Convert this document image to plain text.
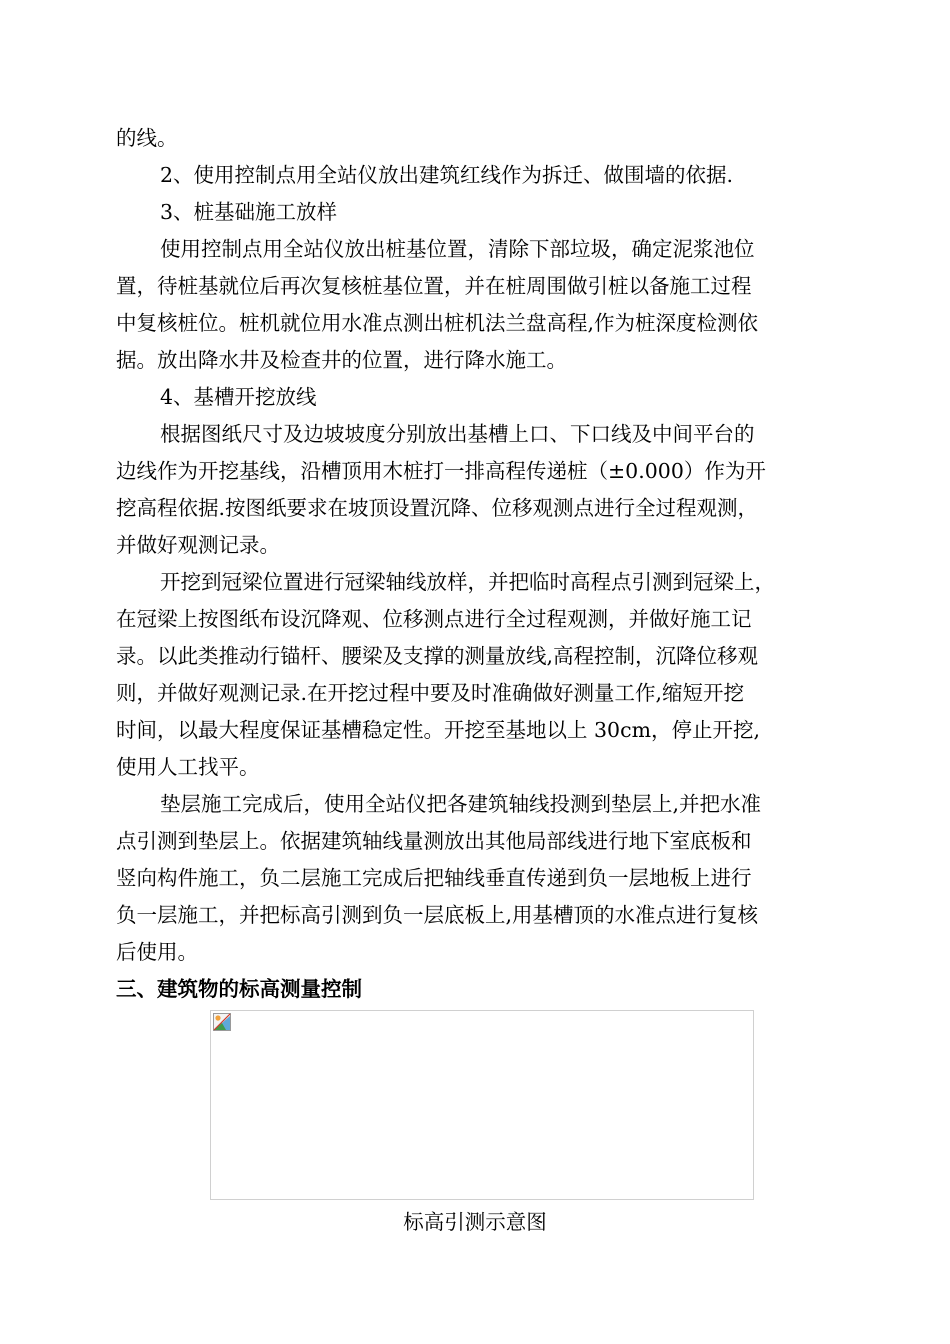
的线。
2、使用控制点用全站仪放出建筑红线作为拆迁、做围墙的依据.
3、桩基础施工放样
使用控制点用全站仪放出桩基位置，清除下部垃圾，确定泥浆池位
置，待桩基就位后再次复核桩基位置，并在桩周围做引桩以备施工过程
中复核桩位。桩机就位用水准点测出桩机法兰盘高程,作为桩深度检测依
据。放出降水井及检查井的位置，进行降水施工。
4、基槽开挖放线
根据图纸尺寸及边坡坡度分别放出基槽上口、下口线及中间平台的
边线作为开挖基线，沿槽顶用木桩打一排高程传递桩（±0.000）作为开
挖高程依据.按图纸要求在坡顶设置沉降、位移观测点进行全过程观测，
并做好观测记录。
开挖到冠梁位置进行冠梁轴线放样，并把临时高程点引测到冠梁上，
在冠梁上按图纸布设沉降观、位移测点进行全过程观测，并做好施工记
录。以此类推动行锚杆、腰梁及支撑的测量放线,高程控制，沉降位移观
则，并做好观测记录.在开挖过程中要及时准确做好测量工作,缩短开挖
时间，以最大程度保证基槽稳定性。开挖至基地以上 30cm，停止开挖,
使用人工找平。
垫层施工完成后，使用全站仪把各建筑轴线投测到垫层上,并把水准
点引测到垫层上。依据建筑轴线量测放出其他局部线进行地下室底板和
竖向构件施工，负二层施工完成后把轴线垂直传递到负一层地板上进行
负一层施工，并把标高引测到负一层底板上,用基槽顶的水准点进行复核
后使用。
三、建筑物的标高测量控制
标高引测示意图
